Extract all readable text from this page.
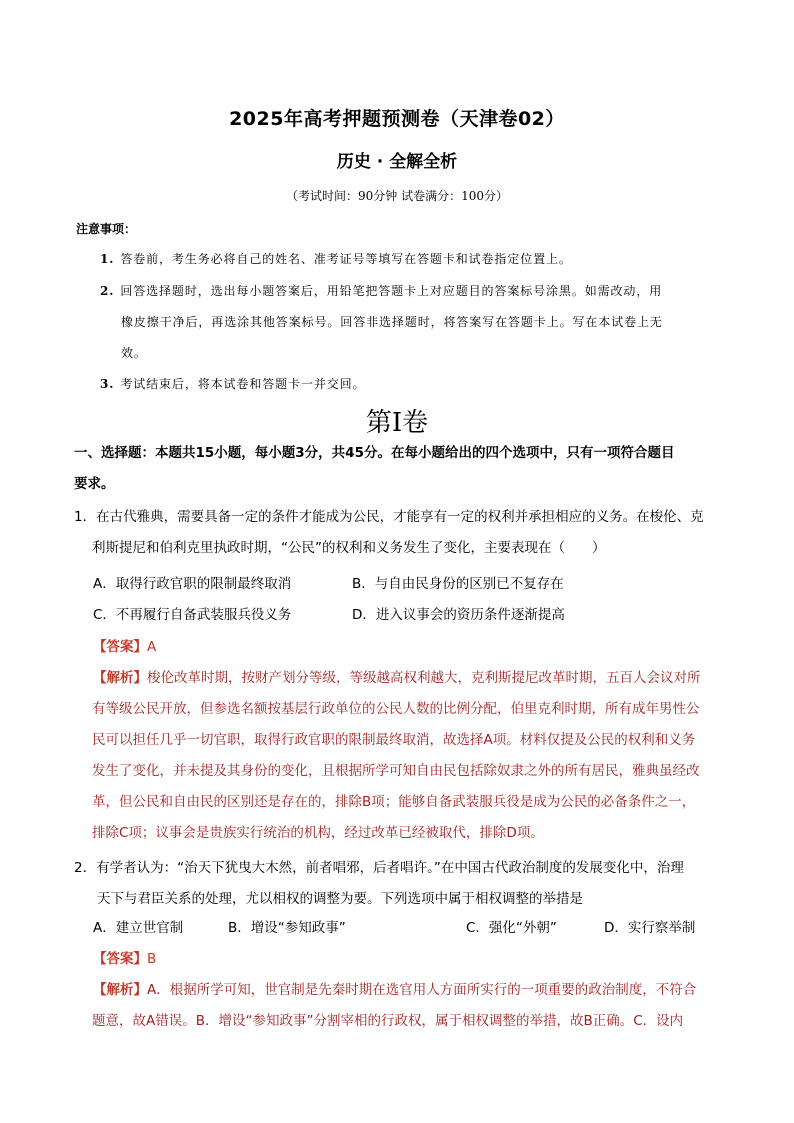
2025年高考押题预测卷（天津卷02）
历史 · 全解全析
（考试时间：90分钟 试卷满分：100分）
注意事项：
1. 答卷前，考生务必将自己的姓名、准考证号等填写在答题卡和试卷指定位置上。
2. 回答选择题时，选出每小题答案后，用铅笔把答题卡上对应题目的答案标号涂黑。如需改动，用
橡皮擦干净后，再选涂其他答案标号。回答非选择题时，将答案写在答题卡上。写在本试卷上无
效。
3. 考试结束后，将本试卷和答题卡一并交回。
第Ⅰ卷
一、选择题：本题共15小题，每小题3分，共45分。在每小题给出的四个选项中，只有一项符合题目
要求。
1．在古代雅典，需要具备一定的条件才能成为公民，才能享有一定的权利并承担相应的义务。在梭伦、克
利斯提尼和伯利克里执政时期，“公民”的权利和义务发生了变化，主要表现在（　　）
A．取得行政官职的限制最终取消	B．与自由民身份的区别已不复存在
C．不再履行自备武装服兵役义务	D．进入议事会的资历条件逐渐提高
【答案】A
【解析】梭伦改革时期，按财产划分等级，等级越高权利越大，克利斯提尼改革时期，五百人会议对所
有等级公民开放，但参选名额按基层行政单位的公民人数的比例分配，伯里克利时期，所有成年男性公
民可以担任几乎一切官职，取得行政官职的限制最终取消，故选择A项。材料仅提及公民的权利和义务
发生了变化，并未提及其身份的变化，且根据所学可知自由民包括除奴隶之外的所有居民，雅典虽经改
革，但公民和自由民的区别还是存在的，排除B项；能够自备武装服兵役是成为公民的必备条件之一，
排除C项；议事会是贵族实行统治的机构，经过改革已经被取代，排除D项。
2．有学者认为：“治天下犹曳大木然，前者唱邪，后者唱许。”在中国古代政治制度的发展变化中，治理
天下与君臣关系的处理，尤以相权的调整为要。下列选项中属于相权调整的举措是
A．建立世官制	B．增设“参知政事”	C．强化“外朝”	D．实行察举制
【答案】B
【解析】A．根据所学可知，世官制是先秦时期在选官用人方面所实行的一项重要的政治制度，不符合
题意，故A错误。B．增设“参知政事”分割宰相的行政权，属于相权调整的举措，故B正确。C．设内
